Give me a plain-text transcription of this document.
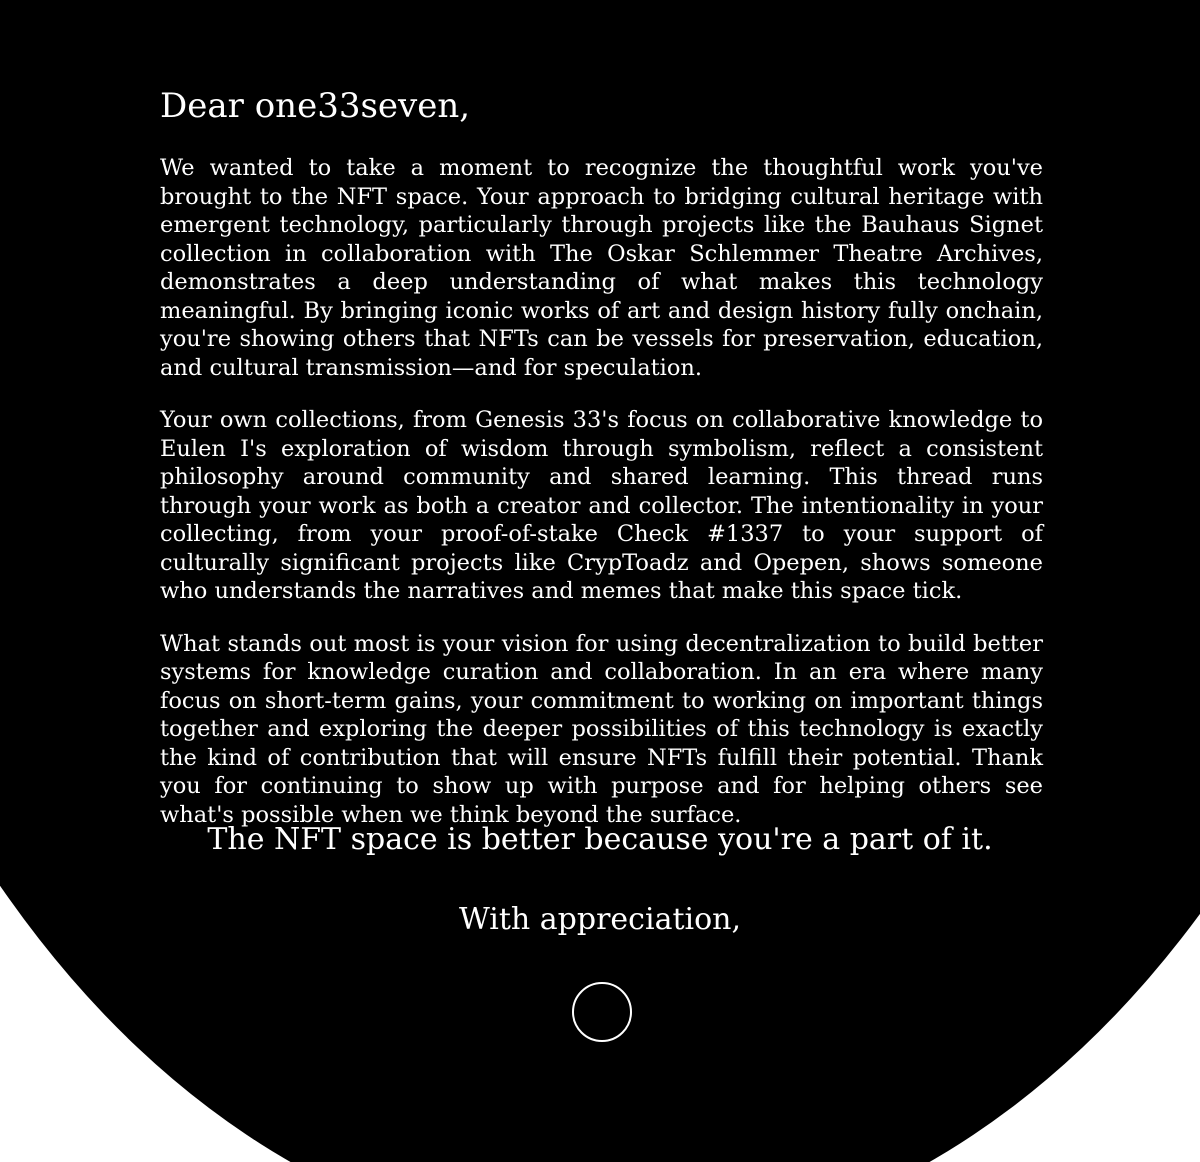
Dear one33seven,

We wanted to take a moment to recognize the thoughtful work you've brought to the NFT space. Your approach to bridging cultural heritage with emergent technology, particularly through projects like the Bauhaus Signet collection in collaboration with The Oskar Schlemmer Theatre Archives, demonstrates a deep understanding of what makes this technology meaningful. By bringing iconic works of art and design history fully onchain, you're showing others that NFTs can be vessels for preservation, education, and cultural transmission—and for speculation.

Your own collections, from Genesis 33's focus on collaborative knowledge to Eulen I's exploration of wisdom through symbolism, reflect a consistent philosophy around community and shared learning. This thread runs through your work as both a creator and collector. The intentionality in your collecting, from your proof-of-stake Check #1337 to your support of culturally significant projects like CrypToadz and Opepen, shows someone who understands the narratives and memes that make this space tick.

What stands out most is your vision for using decentralization to build better systems for knowledge curation and collaboration. In an era where many focus on short-term gains, your commitment to working on important things together and exploring the deeper possibilities of this technology is exactly the kind of contribution that will ensure NFTs fulfill their potential. Thank you for continuing to show up with purpose and for helping others see what's possible when we think beyond the surface.

The NFT space is better because you're a part of it.
With appreciation,
